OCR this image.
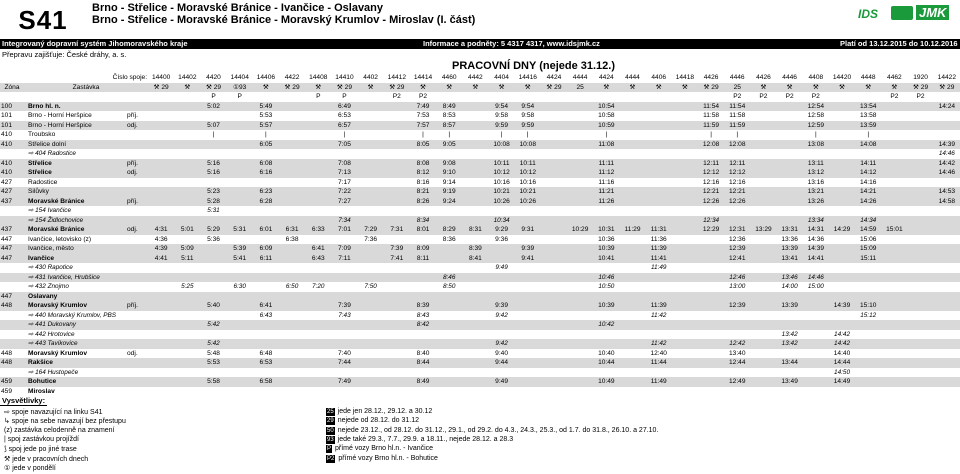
S41	Brno - Střelice - Moravské Bránice - Ivančice - Oslavany
Brno - Střelice - Moravské Bránice - Moravský Krumlov - Miroslav (I. část)	IDS	JMK
Integrovaný dopravní systém Jihomoravského kraje	Informace a podněty: 5 4317 4317, www.idsjmk.cz	Platí od 13.12.2015 do 10.12.2016
Přepravu zajišťuje: České dráhy, a. s.
PRACOVNÍ DNY (nejede 31.12.)
Číslo spoje:			14400	14402	4420	14404	14406	4422	14408	14410	4402	14412	14414	4460	4442	4404	14416	4424	4444	4424	4444	4406	14418	4426	4446	4426	4446	4408	14420	4448	4462	1920	14422
Zóna	Zastávka		⚒ 29	⚒	⚒ 29	①93	⚒	⚒ 29	⚒	⚒ 29	⚒	⚒ 29	⚒	⚒	⚒	⚒	⚒	⚒ 29	25	⚒	⚒	⚒	⚒	⚒ 29	25	⚒	⚒	⚒	⚒	⚒	⚒	⚒ 29	⚒ 29
					P	P			P	P		P2	P2												P2	P2	P2	P2			P2	P2	
100	Brno hl. n.				5:02		5:49			6:49			7:49	8:49		9:54	9:54			10:54				11:54	11:54			12:54		13:54			14:24
101	Brno - Horní Heršpice	příj.					5:53			6:53			7:53	8:53		9:58	9:58			10:58				11:58	11:58			12:58		13:58			
101	Brno - Horní Heršpice	odj.			5:07		5:57			6:57			7:57	8:57		9:59	9:59			10:59				11:59	11:59			12:59		13:59			
410	Troubsko				|		|			|			|	|		|	|			|				|	|			|		|			
410	Střelice dolní						6:05			7:05			8:05	9:05		10:08	10:08			11:08				12:08	12:08			13:08		14:08			14:39
	⇨ 404 Radostice																																14:46
410	Střelice	příj.			5:16		6:08			7:08			8:08	9:08		10:11	10:11			11:11				12:11	12:11			13:11		14:11			14:42
410	Střelice	odj.			5:16		6:16			7:13			8:12	9:10		10:12	10:12			11:12				12:12	12:12			13:12		14:12			14:46
427	Radostice									7:17			8:16	9:14		10:16	10:16			11:16				12:16	12:16			13:16		14:16			
427	Silůvky				5:23		6:23			7:22			8:21	9:19		10:21	10:21			11:21				12:21	12:21			13:21		14:21			14:53
437	Moravské Bránice	příj.			5:28		6:28			7:27			8:26	9:24		10:26	10:26			11:26				12:26	12:26			13:26		14:26			14:58
	⇨ 154 Ivančice				5:31																												
	⇨ 154 Židlochovice									7:34			8:34			10:34								12:34				13:34		14:34			
437	Moravské Bránice	odj.	4:31	5:01	5:29	5:31	6:01	6:31	6:33	7:01	7:29	7:31	8:01	8:29	8:31	9:29	9:31		10:29	10:31	11:29	11:31		12:29	12:31	13:29	13:31	14:31	14:29	14:59	15:01		
447	Ivančice, letovisko (z)		4:36		5:36			6:38			7:36			8:36		9:36				10:36		11:36			12:36		13:36	14:36		15:06			
447	Ivančice, město		4:39	5:09		5:39	6:09		6:41	7:09		7:39	8:09		8:39		9:39			10:39		11:39			12:39		13:39	14:39		15:09			
447	Ivančice		4:41	5:11		5:41	6:11		6:43	7:11		7:41	8:11		8:41		9:41			10:41		11:41			12:41		13:41	14:41		15:11			
	⇨ 430 Rapotice															9:49						11:49											
	⇨ 431 Ivančice, Hrubšice													8:46						10:46					12:46		13:46	14:46					
	⇨ 432 Znojmo			5:25		6:30		6:50	7:20		7:50			8:50						10:50					13:00		14:00	15:00					
447	Oslavany																																
448	Moravský Krumlov	příj.			5:40		6:41			7:39			8:39			9:39				10:39		11:39			12:39		13:39		14:39	15:10			
	⇨ 440 Moravský Krumlov, PBS						6:43			7:43			8:43			9:42						11:42								15:12			
	⇨ 441 Dukovany				5:42								8:42							10:42													
	⇨ 442 Hrotovice																										13:42		14:42				
	⇨ 443 Tavíkovice				5:42											9:42						11:42			12:42		13:42		14:42				
448	Moravský Krumlov	odj.			5:48		6:48			7:40			8:40			9:40				10:40		12:40			13:40				14:40				
448	Rakšice				5:53		6:53			7:44			8:44			9:44				10:44		11:44			12:44		13:44		14:44				
	⇨ 164 Hustopeče																												14:50				
459	Bohutice				5:58		6:58			7:49			8:49			9:49				10:49		11:49			12:49		13:49		14:49				
459	Miroslav																																
Vysvětlivky:
⇨ spoje navazující na linku S41
↳ spoje na sebe navazují bez přestupu
(z) zastávka celodenně na znamení
| spoj zastávkou projíždí
⟆ spoj jede po jiné trase
⚒ jede v pracovních dnech
① jede v pondělí
25 jede jen 28.12., 29.12. a 30.12
29 nejede od 28.12. do 31.12
50 nejede 23.12., od 28.12. do 31.12., 29.1., od 29.2. do 4.3., 24.3., 25.3., od 1.7. do 31.8., 26.10. a 27.10.
93 jede také 29.3., 7.7., 29.9. a 18.11., nejede 28.12. a 28.3
P přímé vozy Brno hl.n. - Ivančice
P2 přímé vozy Brno hl.n. - Bohutice
